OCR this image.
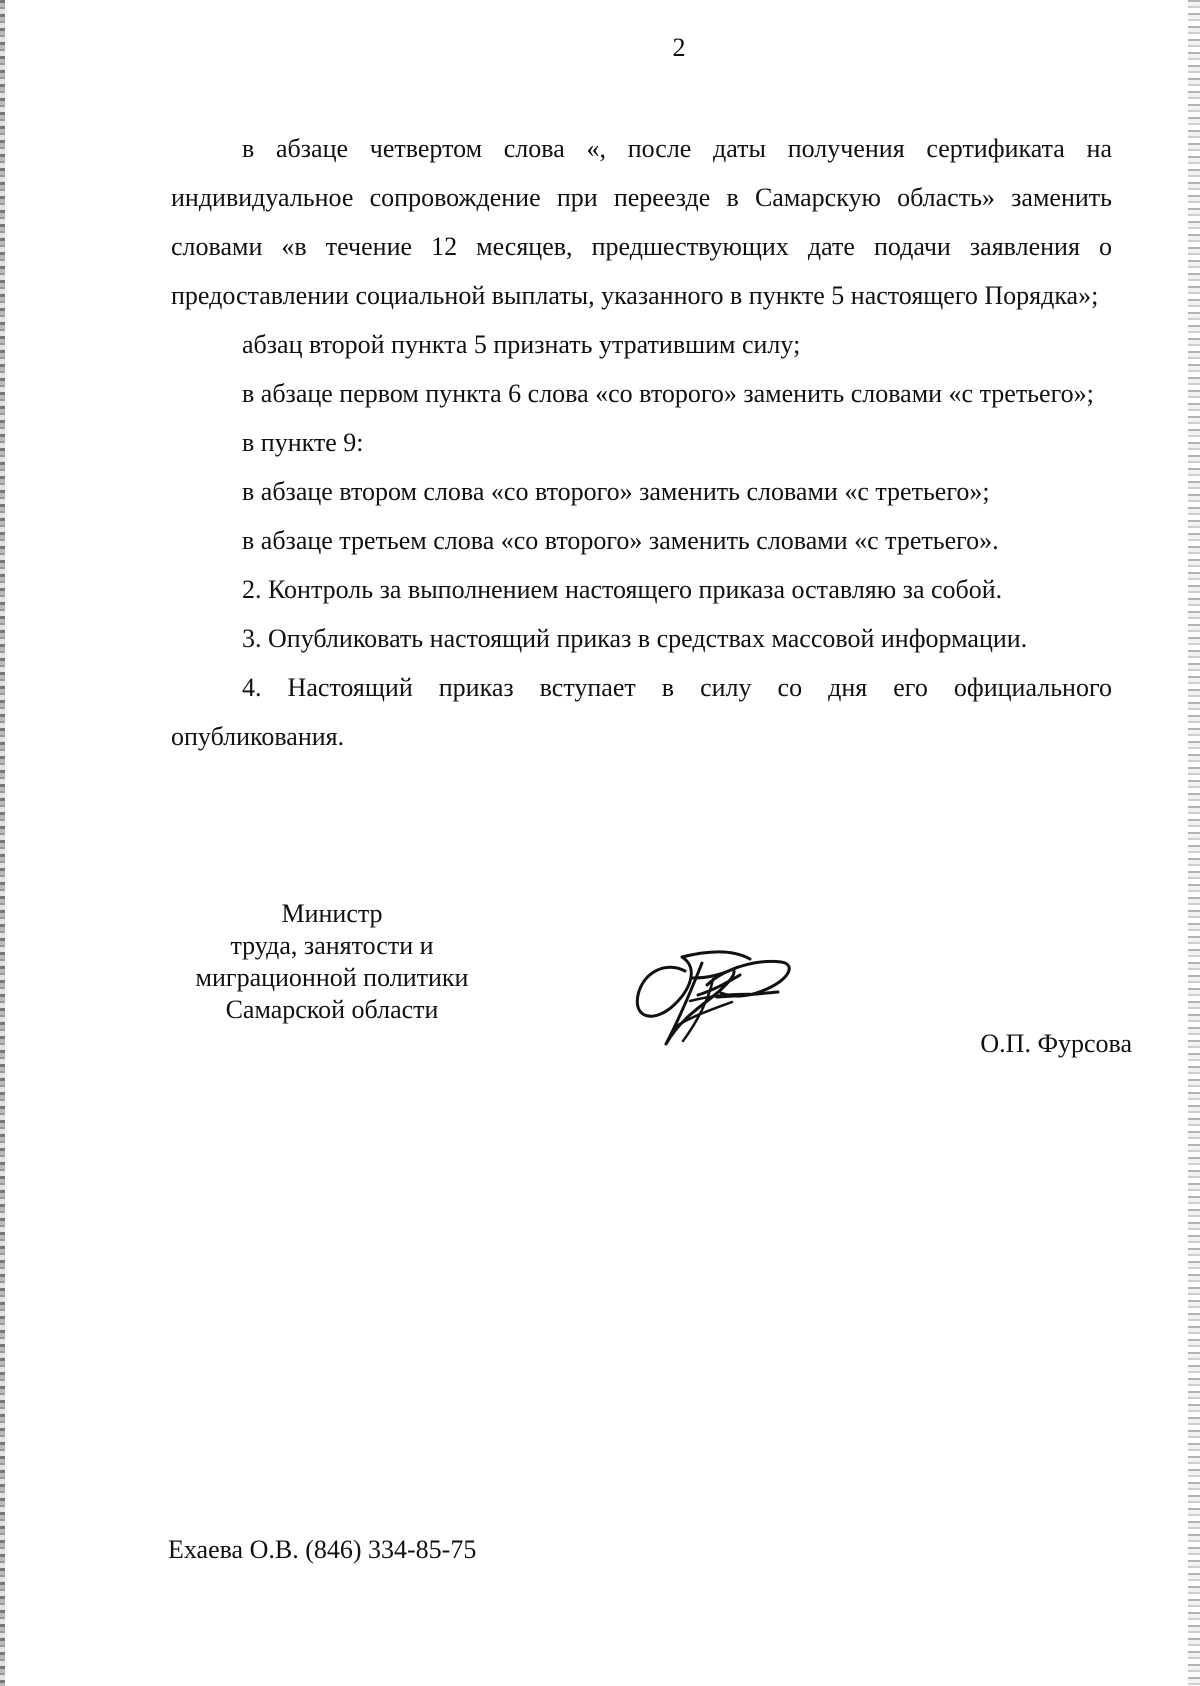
2

в абзаце четвертом слова «, после даты получения сертификата на индивидуальное сопровождение при переезде в Самарскую область» заменить словами «в течение 12 месяцев, предшествующих дате подачи заявления о предоставлении социальной выплаты, указанного в пункте 5 настоящего Порядка»;

абзац второй пункта 5 признать утратившим силу;

в абзаце первом пункта 6 слова «со второго» заменить словами «с третьего»;

в пункте 9:

в абзаце втором слова «со второго» заменить словами «с третьего»;

в абзаце третьем слова «со второго» заменить словами «с третьего».

2. Контроль за выполнением настоящего приказа оставляю за собой.

3. Опубликовать настоящий приказ в средствах массовой информации.

4. Настоящий приказ вступает в силу со дня его официального опубликования.

Министр
труда, занятости и
миграционной политики
Самарской области
О.П. Фурсова
Ехаева О.В. (846) 334-85-75
